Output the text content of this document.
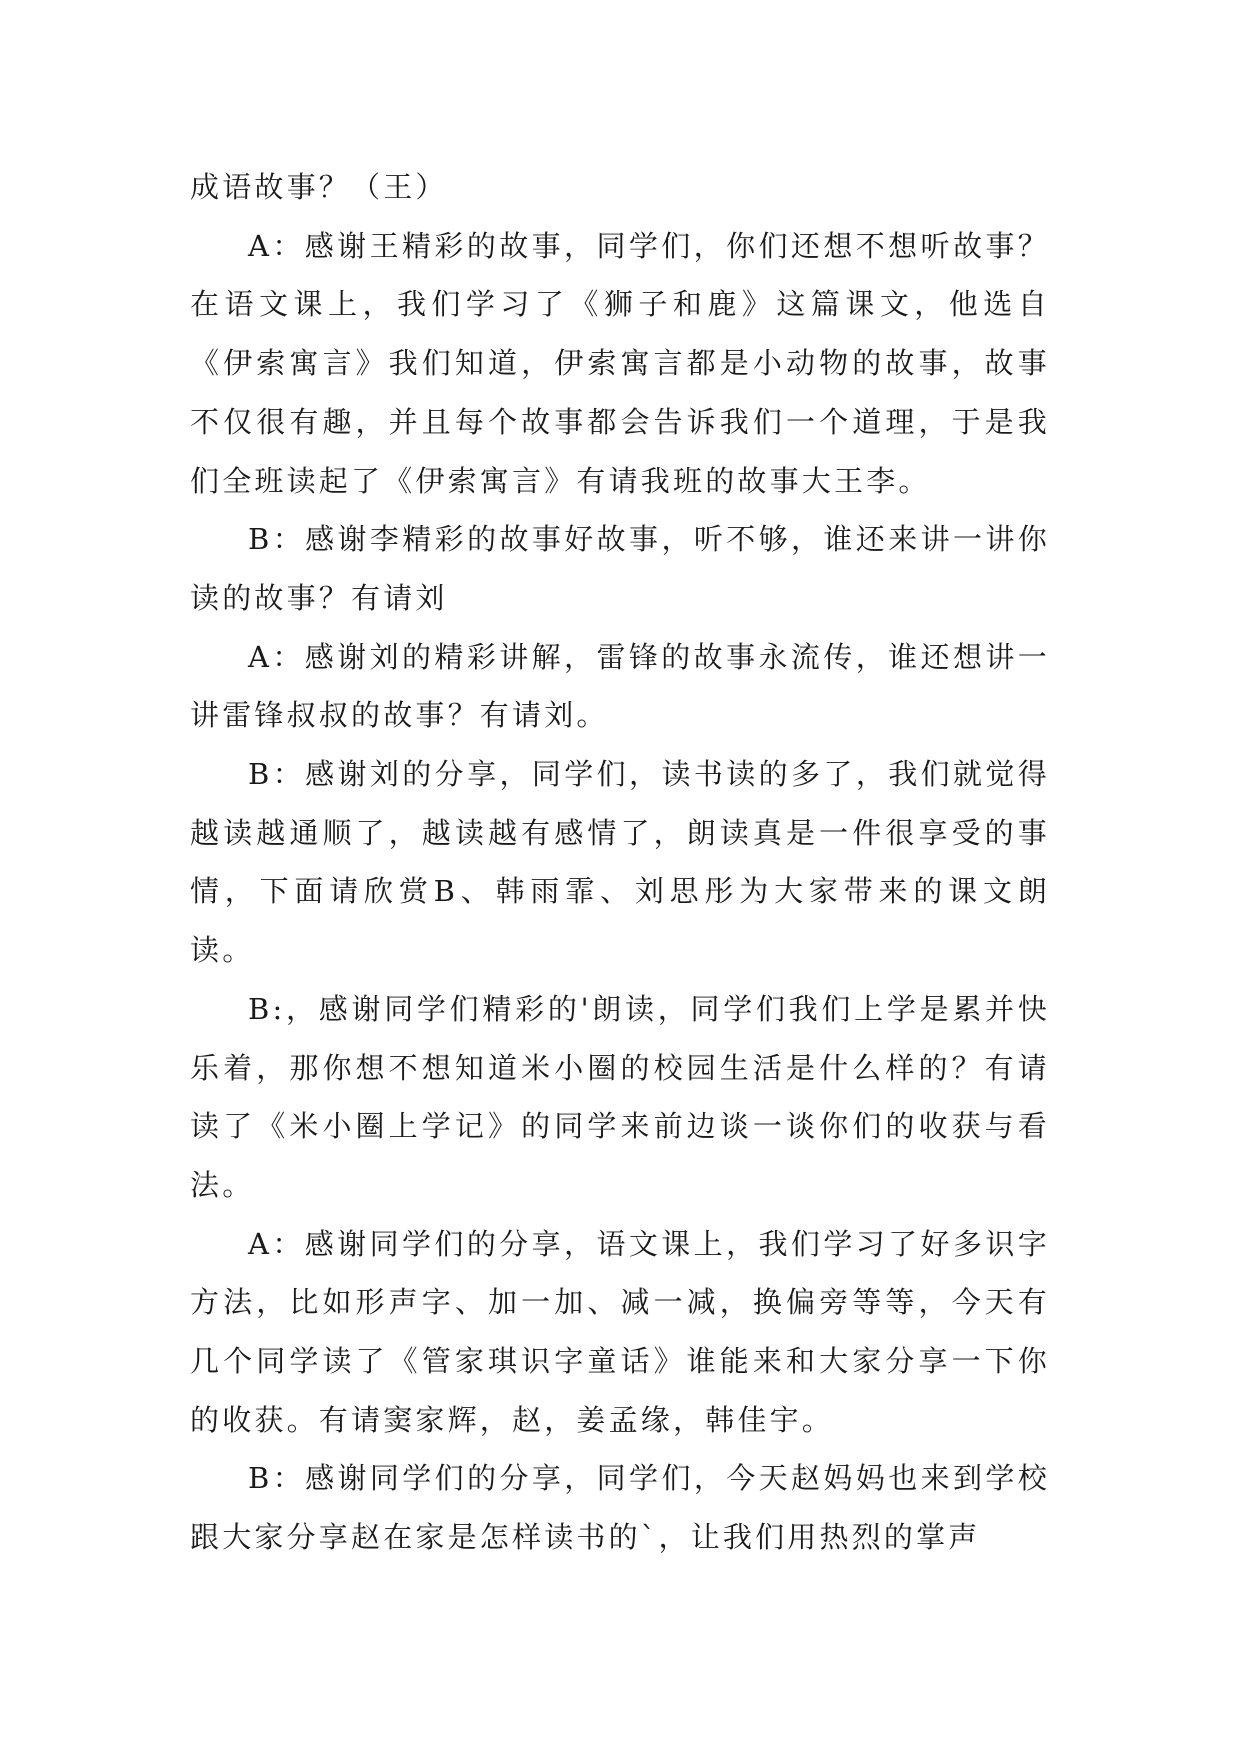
成语故事？（王）

A：感谢王精彩的故事，同学们，你们还想不想听故事？在语文课上，我们学习了《狮子和鹿》这篇课文，他选自《伊索寓言》我们知道，伊索寓言都是小动物的故事，故事不仅很有趣，并且每个故事都会告诉我们一个道理，于是我们全班读起了《伊索寓言》有请我班的故事大王李。

B：感谢李精彩的故事好故事，听不够，谁还来讲一讲你读的故事？有请刘

A：感谢刘的精彩讲解，雷锋的故事永流传，谁还想讲一讲雷锋叔叔的故事？有请刘。

B：感谢刘的分享，同学们，读书读的多了，我们就觉得越读越通顺了，越读越有感情了，朗读真是一件很享受的事情，下面请欣赏B、韩雨霏、刘思彤为大家带来的课文朗读。

B:，感谢同学们精彩的'朗读，同学们我们上学是累并快乐着，那你想不想知道米小圈的校园生活是什么样的？有请读了《米小圈上学记》的同学来前边谈一谈你们的收获与看法。

A：感谢同学们的分享，语文课上，我们学习了好多识字方法，比如形声字、加一加、减一减，换偏旁等等，今天有几个同学读了《管家琪识字童话》谁能来和大家分享一下你的收获。有请窦家辉，赵，姜孟缘，韩佳宇。

B：感谢同学们的分享，同学们，今天赵妈妈也来到学校跟大家分享赵在家是怎样读书的`，让我们用热烈的掌声
